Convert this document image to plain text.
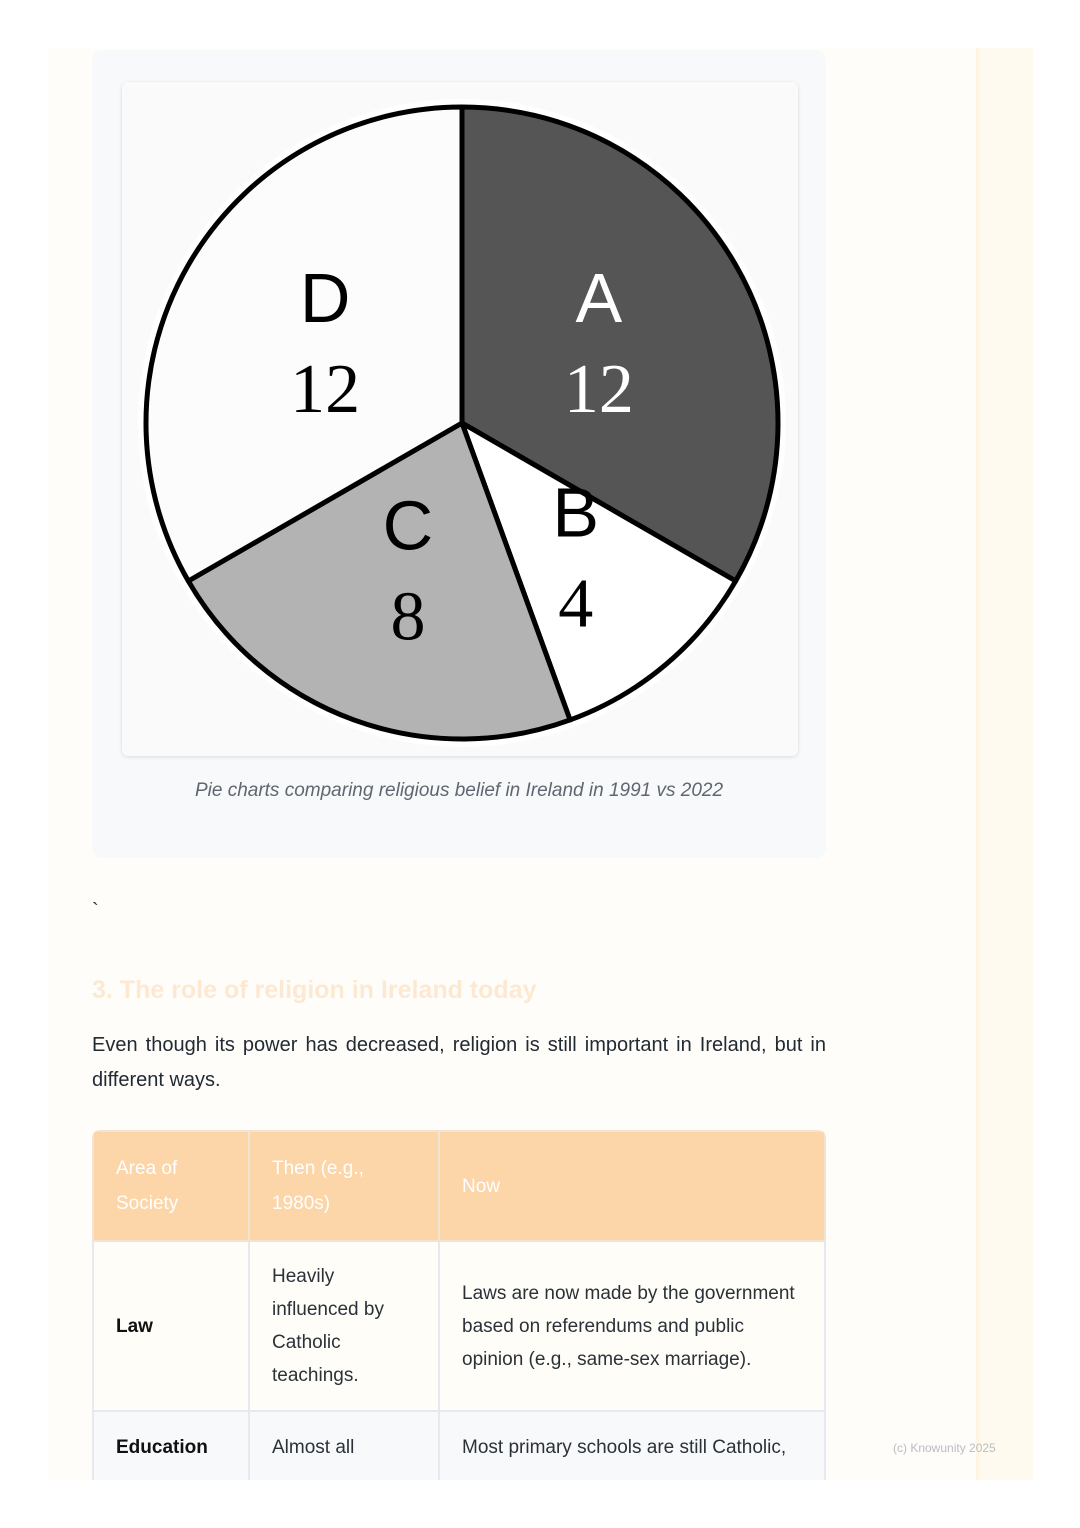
A
12
B
4
C
8
D
12
Pie charts comparing religious belief in Ireland in 1991 vs 2022
`
3. The role of religion in Ireland today

Even though its power has decreased, religion is still important in Ireland, but in different ways.

Area of Society	Then (e.g., 1980s)	Now
Law	Heavily influenced by Catholic teachings.	Laws are now made by the government based on referendums and public opinion (e.g., same-sex marriage).
Education	Almost all	Most primary schools are still Catholic,	(c) Knowunity 2025
